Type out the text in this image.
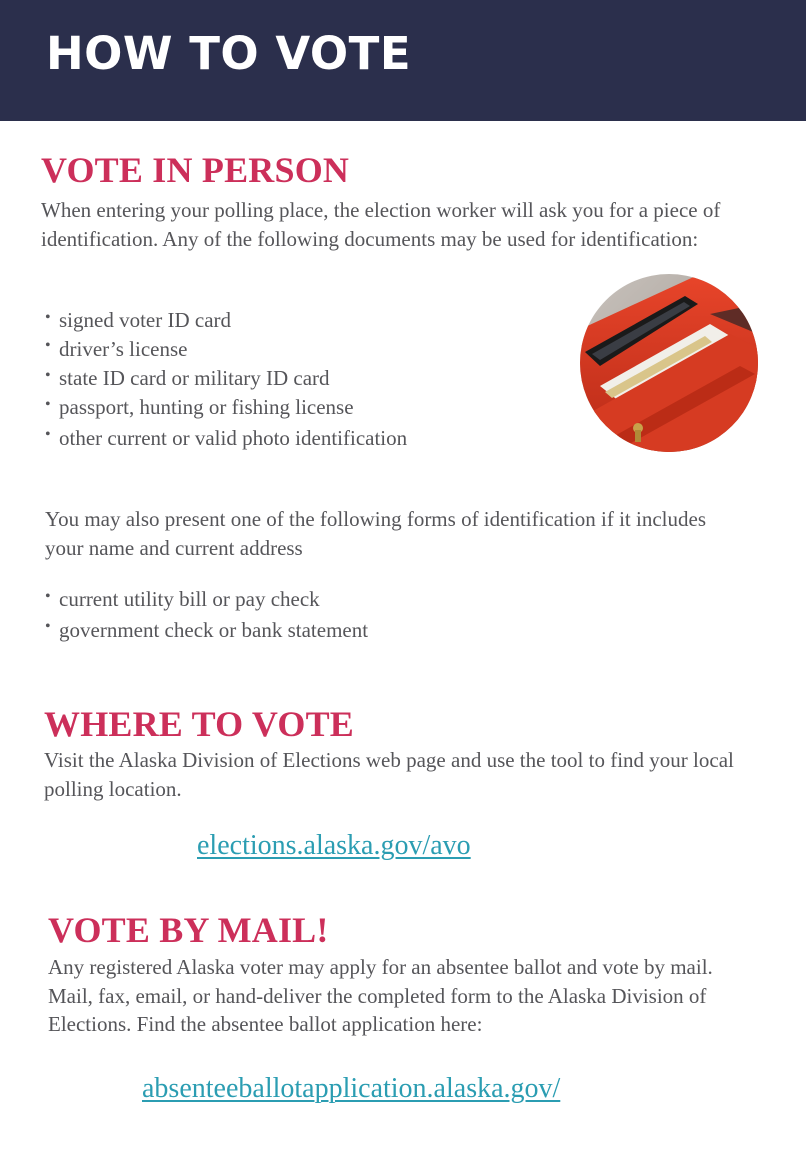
HOW TO VOTE
VOTE IN PERSON

When entering your polling place, the election worker will ask you for a piece of identification. Any of the following documents may be used for identification:

• signed voter ID card
• driver’s license
• state ID card or military ID card
• passport, hunting or fishing license
• other current or valid photo identification

You may also present one of the following forms of identification if it includes your name and current address

• current utility bill or pay check
• government check or bank statement
WHERE TO VOTE

Visit the Alaska Division of Elections web page and use the tool to find your local polling location.

elections.alaska.gov/avo
VOTE BY MAIL!

Any registered Alaska voter may apply for an absentee ballot and vote by mail. Mail, fax, email, or hand-deliver the completed form to the Alaska Division of Elections. Find the absentee ballot application here:

absenteeballotapplication.alaska.gov/
